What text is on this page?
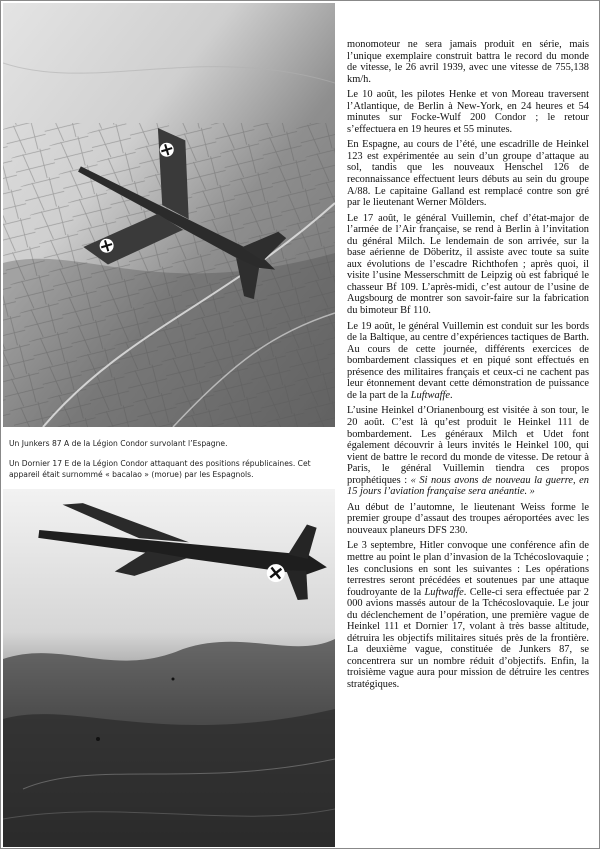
Un Junkers 87 A de la Légion Condor survolant l’Espagne.

Un Dornier 17 E de la Légion Condor attaquant des positions républicaines. Cet appareil était surnommé « bacalao » (morue) par les Espagnols.

monomoteur ne sera jamais produit en série, mais l’unique exemplaire construit battra le record du monde de vitesse, le 26 avril 1939, avec une vitesse de 755,138 km/h.

Le 10 août, les pilotes Henke et von Moreau traversent l’Atlantique, de Berlin à New-York, en 24 heures et 54 minutes sur Focke-Wulf 200 Condor ; le retour s’effectuera en 19 heures et 55 minutes.

En Espagne, au cours de l’été, une escadrille de Heinkel 123 est expérimentée au sein d’un groupe d’attaque au sol, tandis que les nouveaux Henschel 126 de reconnaissance effectuent leurs débuts au sein du groupe A/88. Le capitaine Galland est remplacé contre son gré par le lieutenant Werner Mölders.

Le 17 août, le général Vuillemin, chef d’état-major de l’armée de l’Air française, se rend à Berlin à l’invitation du général Milch. Le lendemain de son arrivée, sur la base aérienne de Döberitz, il assiste avec toute sa suite aux évolutions de l’escadre Richthofen ; après quoi, il visite l’usine Messerschmitt de Leipzig où est fabriqué le chasseur Bf 109. L’après-midi, c’est autour de l’usine de Augsbourg de montrer son savoir-faire sur la fabrication du bimoteur Bf 110.

Le 19 août, le général Vuillemin est conduit sur les bords de la Baltique, au centre d’expériences tactiques de Barth. Au cours de cette journée, différents exercices de bombardement classiques et en piqué sont effectués en présence des militaires français et ceux-ci ne cachent pas leur étonnement devant cette démonstration de puissance de la part de la Luftwaffe.

L’usine Heinkel d’Orianenbourg est visitée à son tour, le 20 août. C’est là qu’est produit le Heinkel 111 de bombardement. Les généraux Milch et Udet font également découvrir à leurs invités le Heinkel 100, qui vient de battre le record du monde de vitesse. De retour à Paris, le général Vuillemin tiendra ces propos prophétiques : « Si nous avons de nouveau la guerre, en 15 jours l’aviation française sera anéantie. »

Au début de l’automne, le lieutenant Weiss forme le premier groupe d’assaut des troupes aéroportées avec les nouveaux planeurs DFS 230.

Le 3 septembre, Hitler convoque une conférence afin de mettre au point le plan d’invasion de la Tchécoslovaquie ; les conclusions en sont les suivantes : Les opérations terrestres seront précédées et soutenues par une attaque foudroyante de la Luftwaffe. Celle-ci sera effectuée par 2 000 avions massés autour de la Tchécoslovaquie. Le jour du déclenchement de l’opération, une première vague de Heinkel 111 et Dornier 17, volant à très basse altitude, détruira les objectifs militaires situés près de la frontière. La deuxième vague, constituée de Junkers 87, se concentrera sur un nombre réduit d’objectifs. Enfin, la troisième vague aura pour mission de détruire les centres stratégiques.
